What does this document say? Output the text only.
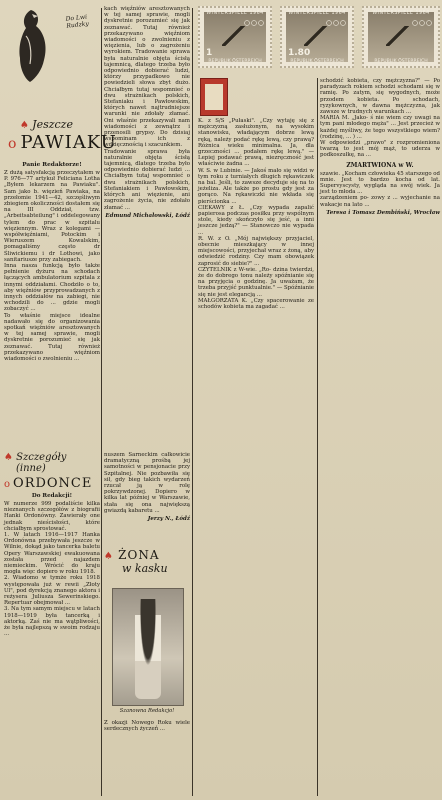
Do Lwi Rudzky
♠ Jeszcze
o PAWIAKU
Panie Redaktorze!

Z dużą satysfakcją przeczytałem w P. 976—77 artykuł Feliciana Lotha „Byłem lekarzem na Pawiaku". Sam jako b. więzień Pawiaka, na przełomie 1941—42, szczęśliwym zbiegiem okoliczności dostałem się na III Oddział, tzw. „Arbeitsabteilung" i oddelegowany tylem do prac w szpitalu więziennym. Wraz z kolegami — współwięźniami, Potockim i Wieruszem Kowalskim, pomagaliśmy często dr Śliwickiemu i dr Lothowi, jako sanitariusze przy zabiegach.

Inna nasza funkcją było także pełnienie dyżuru na schodach łączących ambulatorium szpitala z innymi oddziałami. Chodziło o to, aby więźniów przyprowadzanych z innych oddziałów na zabiegi, nie wchodzili do ... gdzie mogli zobaczyć ...

To właśnie miejsce idealne nadawało się do organizowania spotkań więźniów aresztowanych w tej samej sprawie, mogli dyskretnie porozumieć się jak zeznawać. Tutaj również przekazywano więźniom wiadomości o zwolnieniu ...

kach więźniów aresztowanych w tej samej sprawie, mogli dyskretnie porozumieć się jak zeznawać. Tutaj również przekazywano więźniom wiadomości o zwolnieniu z więzienia, lub o zagrożeniu wyrokiem. Tradowanie sprawa była naturalnie objęta ścisłą tajemnicą, dlatego trzeba było odpowiednio dobierać ludzi, którzy przypadkowo nie powiedzieli słowa zbyt dużo. Chciałbym tutaj wspomnieć o dwu strażnikach polskich, Stefaniaku i Pawłowskim, których nawet najtrudniejsze warunki nie zdołały złamać. Oni właśnie przekazywali nam wiadomości z zewnątrz i przenosili grypsy. Do dzisiaj wspominam ich z wdzięcznością i szacunkiem.

Tradowanie sprawa była naturalnie objęta ścisłą tajemnicą, dlatego trzeba było odpowiednio dobierać ludzi ... Chciałbym tutaj wspomnieć o dwu strażnikach polskich, Stefaniakiem i Pawłowskim, których ani więzienie, ani zagrożenie życia, nie zdołało złamać ...

Edmund Michałowski, Łódź
♠ Szczegóły
(inne)
o ORDONCE
Do Redakcji!

W numerze 999 podaliście kilka nieznanych szczegółów z biografii Hanki Ordonówny. Zawierały one jednak nieścisłości, które chciałbym sprostować.

1. W latach 1916—1917 Hanka Ordonówna przebywała jeszcze w Wilnie, dokąd jako tancerka baletu Opery Warszawskiej ewakuowana została przed najazdem niemieckim. Wrócić do kraju mogła więc dopiero w roku 1918.

2. Wiadomo w tymże roku 1918 występowała już w rewii „Złoty Ul", pod dyrekcją znanego aktora i reżysera Juliusza Sewerinskiego. Repertuar obejmował ...

3. Na tym samym miejscu w latach 1918—1919 była tancerką i aktorką. Zaś nie ma wątpliwości, że była najlepszą w swoim rodzaju ...

nuszem Sarneckim całkowicie dramatyczną prośbą jej samotności w pensjonacie przy Szpitalnej. Nie pozbawiła się sił, gdy bieg takich wydarzeń rzucał ją w rolę pokrzywdzonej. Dopiero w kilka lat później w Warszawie, stała się ona największą gwiazdą kabaretu ...

Jerzy N., Łódź
♠ ŻONA
w kasku
Szanowna Redakcjo!

Z okazji Nowego Roku wiele serdecznych życzeń ...

WINTERSPIELE 1964
1
REPUBLIK ÖSTERREICH
WINTERSPIELE 1964
1.80
REPUBLIK ÖSTERREICH
WINTERSPIELE 1964
REPUBLIK ÖSTERREICH

K. z S/S „Pułaski". „Czy wytaję się z mężczyzną zasłużonym, na wysokim stanowisku, władającym dobrze lewą ręką, należy podać rękę lewą, czy prawą? Różnica wieku minimalna. Ja, dla grzeczności ... podałem rękę lewą." — Lepiej podawać prawą, niezręczność jest właściwie żadna ...

W. S. w Lubinie. — Jakoś mało się widzi w tym roku z turniałych długich rękawiczek na bal. Jeśli, to zawsze decyduje się na to jeżeliza. Ale także po prostu gdy jest za gorąco. Na rękawiczki nie wkłada się pierścionka ...

CIEKAWY z Ł. „Czy wypada zapalić papierosa podczas posiłku przy wspólnym stole, kiedy skończyło się jeść, a inni jeszcze jedzą?" — Stanowczo nie wypada ...

R. W. z O. „Mój największy przyjaciel, obecnie mieszkający w innej miejscowości, przyjechał wraz z żoną, aby odwiedzić rodziny. Czy mam obowiązek zaprosić do siebie?" ...

CZYTELNIK z W-wie. „Ro- dzina twierdzi, że do dobrego tonu należy spóźnianie się na przyjęcia o godzinę. Ja uważam, że trzeba przyjść punktualnie." — Spóźnianie się nie jest elegancją ...

MAŁGORZATA K. „Czy spacerowanie ze schodów kobieta ma zagadać ...

schodzić kobieta, czy mężczyzna?" — Po paradyzach rokiem schodzi schodami się w ramię. Po zatym, się wygodnych, może przodem kobieta. Po schodach, ryzykownych, w dawna mężczyzna, jak zawsze w trudnych warunkach ...

MARIA M. „Jako- ś nie wiem czy uwagi na tym pani młodego męża" ... Jest przecież w każdej myśliwy, że tego wszystkiego wiem? (rodzinę, ... ) ...

W odpowiedzi „prawo" z rozpromieniona twarzą to jest mój mąż, to uderza w podkoszułkę, na ...

ZMARTWIONA w W.

szawie. „Kocham człowieka 45 starszego od mnie. Jest to bardzo kocha od lat. Supervyscysty, wygląda na swój wiek. Ja jest to młoda ...

zarządzeniem po- zowy z ... wyjechanie na wakacje na lato ...

Teresa i Tomasz Dembiński, Wrocław
